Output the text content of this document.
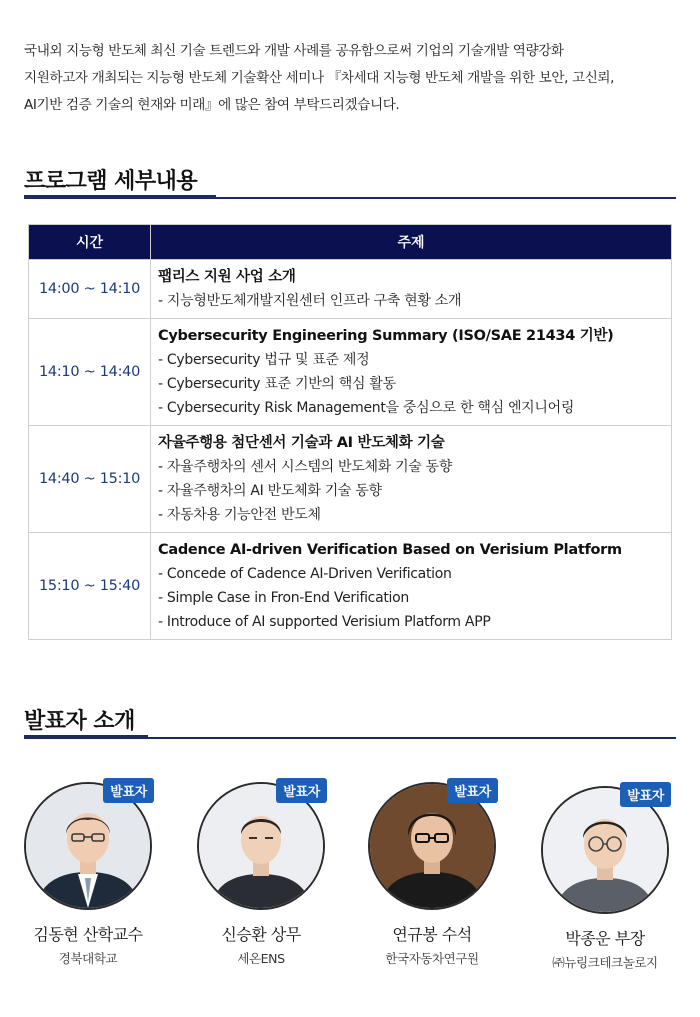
국내외 지능형 반도체 최신 기술 트렌드와 개발 사례를 공유함으로써 기업의 기술개발 역량강화

지원하고자 개최되는 지능형 반도체 기술확산 세미나 『차세대 지능형 반도체 개발을 위한 보안, 고신뢰,

AI기반 검증 기술의 현재와 미래』에 많은 참여 부탁드리겠습니다.

프로그램 세부내용
시간	주제
14:00 ~ 14:10	팹리스 지원 사업 소개
- 지능형반도체개발지원센터 인프라 구축 현황 소개

14:10 ~ 14:40	Cybersecurity Engineering Summary (ISO/SAE 21434 기반)
- Cybersecurity 법규 및 표준 제정
- Cybersecurity 표준 기반의 핵심 활동
- Cybersecurity Risk Management을 중심으로 한 핵심 엔지니어링

14:40 ~ 15:10	자율주행용 첨단센서 기술과 AI 반도체화 기술
- 자율주행차의 센서 시스템의 반도체화 기술 동향
- 자율주행차의 AI 반도체화 기술 동향
- 자동차용 기능안전 반도체

15:10 ~ 15:40	Cadence AI-driven Verification Based on Verisium Platform
- Concede of Cadence AI-Driven Verification
- Simple Case in Fron-End Verification
- Introduce of AI supported Verisium Platform APP
발표자 소개
발표자
김동현 산학교수
경북대학교
발표자
신승환 상무
세온ENS
발표자
연규봉 수석
한국자동차연구원
발표자
박종운 부장
㈜뉴링크테크놀로지
